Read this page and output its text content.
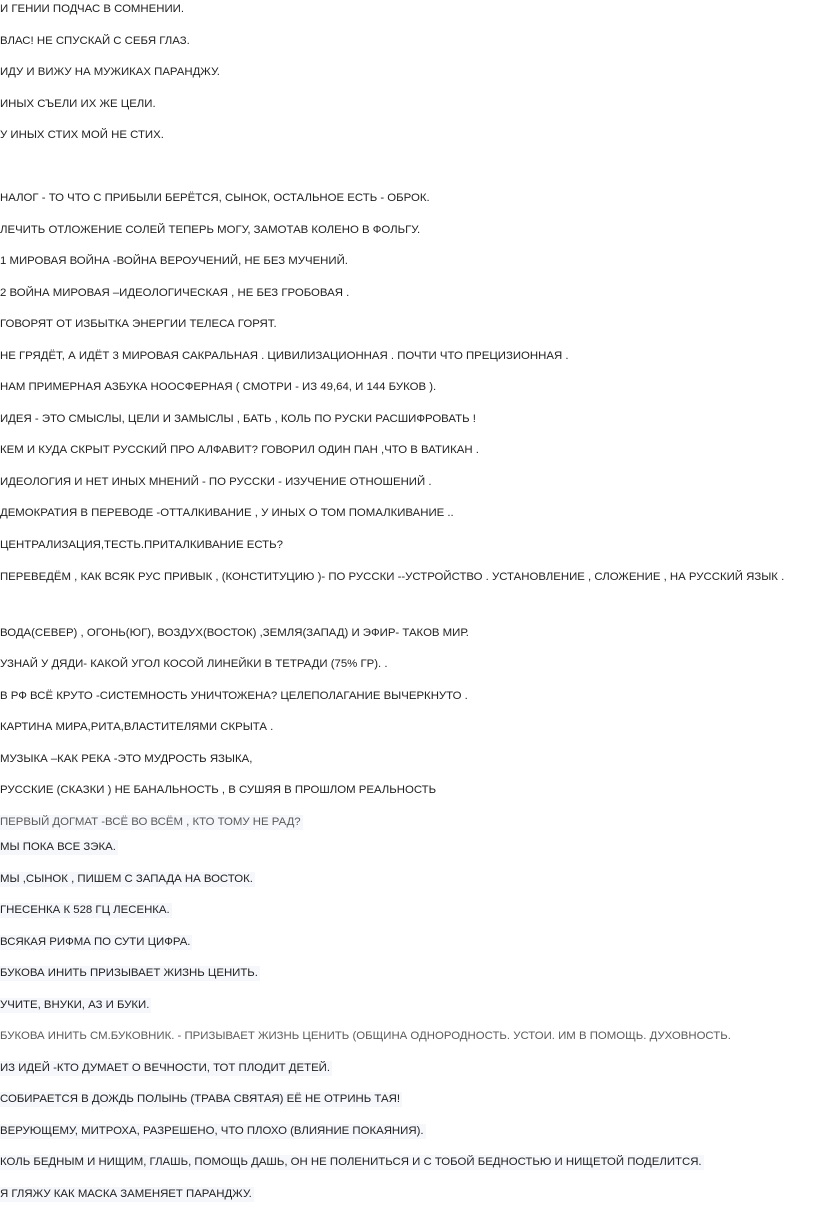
И ГЕНИИ ПОДЧАС В СОМНЕНИИ.
ВЛАС! НЕ СПУСКАЙ С СЕБЯ ГЛАЗ.
ИДУ И ВИЖУ НА МУЖИКАХ ПАРАНДЖУ.
ИНЫХ СЪЕЛИ ИХ ЖЕ ЦЕЛИ.
У ИНЫХ СТИХ МОЙ НЕ СТИХ.
НАЛОГ - ТО ЧТО С ПРИБЫЛИ БЕРЁТСЯ, СЫНОК, ОСТАЛЬНОЕ ЕСТЬ - ОБРОК.
ЛЕЧИТЬ ОТЛОЖЕНИЕ СОЛЕЙ ТЕПЕРЬ МОГУ, ЗАМОТАВ КОЛЕНО В ФОЛЬГУ.
1 МИРОВАЯ ВОЙНА -ВОЙНА ВЕРОУЧЕНИЙ, НЕ БЕЗ МУЧЕНИЙ.
2 ВОЙНА МИРОВАЯ –ИДЕОЛОГИЧЕСКАЯ , НЕ БЕЗ ГРОБОВАЯ .
ГОВОРЯТ ОТ ИЗБЫТКА ЭНЕРГИИ ТЕЛЕСА ГОРЯТ.
НЕ ГРЯДЁТ, А ИДЁТ 3 МИРОВАЯ САКРАЛЬНАЯ . ЦИВИЛИЗАЦИОННАЯ . ПОЧТИ ЧТО ПРЕЦИЗИОННАЯ .
НАМ ПРИМЕРНАЯ АЗБУКА НООСФЕРНАЯ ( СМОТРИ - ИЗ 49,64, И 144 БУКОВ ).
ИДЕЯ - ЭТО СМЫСЛЫ, ЦЕЛИ И ЗАМЫСЛЫ , БАТЬ , КОЛЬ ПО РУСКИ РАСШИФРОВАТЬ !
КЕМ И КУДА СКРЫТ РУССКИЙ ПРО АЛФАВИТ? ГОВОРИЛ ОДИН ПАН ,ЧТО В ВАТИКАН .
ИДЕОЛОГИЯ И НЕТ ИНЫХ МНЕНИЙ - ПО РУССКИ - ИЗУЧЕНИЕ ОТНОШЕНИЙ .
ДЕМОКРАТИЯ В ПЕРЕВОДЕ -ОТТАЛКИВАНИЕ , У ИНЫХ О ТОМ ПОМАЛКИВАНИЕ ..
ЦЕНТРАЛИЗАЦИЯ,ТЕСТЬ.ПРИТАЛКИВАНИЕ ЕСТЬ?
ПЕРЕВЕДЁМ , КАК ВСЯК РУС ПРИВЫК , (КОНСТИТУЦИЮ )- ПО РУССКИ --УСТРОЙСТВО . УСТАНОВЛЕНИЕ , СЛОЖЕНИЕ , НА РУССКИЙ ЯЗЫК .
ВОДА(СЕВЕР) , ОГОНЬ(ЮГ), ВОЗДУХ(ВОСТОК) ,ЗЕМЛЯ(ЗАПАД) И ЭФИР- ТАКОВ МИР.
УЗНАЙ У ДЯДИ- КАКОЙ УГОЛ КОСОЙ ЛИНЕЙКИ В ТЕТРАДИ (75% ГР). .
В РФ ВСЁ КРУТО -СИСТЕМНОСТЬ УНИЧТОЖЕНА? ЦЕЛЕПОЛАГАНИЕ ВЫЧЕРКНУТО .
КАРТИНА МИРА,РИТА,ВЛАСТИТЕЛЯМИ СКРЫТА .
МУЗЫКА –КАК РЕКА -ЭТО МУДРОСТЬ ЯЗЫКА,
РУССКИЕ (СКАЗКИ ) НЕ БАНАЛЬНОСТЬ , В СУШЯЯ В ПРОШЛОМ РЕАЛЬНОСТЬ
ПЕРВЫЙ ДОГМАТ -ВСЁ ВО ВСЁМ , КТО ТОМУ НЕ РАД?
МЫ ПОКА ВСЕ ЗЭКА.
МЫ ,СЫНОК , ПИШЕМ С ЗАПАДА НА ВОСТОК.
ГНЕСЕНКА К 528 ГЦ ЛЕСЕНКА.
ВСЯКАЯ РИФМА ПО СУТИ ЦИФРА.
БУКОВА ИНИТЬ ПРИЗЫВАЕТ ЖИЗНЬ ЦЕНИТЬ.
УЧИТЕ, ВНУКИ, АЗ И БУКИ.
БУКОВА ИНИТЬ СМ.БУКОВНИК. - ПРИЗЫВАЕТ ЖИЗНЬ ЦЕНИТЬ (ОБЩИНА ОДНОРОДНОСТЬ. УСТОИ. ИМ В ПОМОЩЬ. ДУХОВНОСТЬ.
ИЗ ИДЕЙ -КТО ДУМАЕТ О ВЕЧНОСТИ, ТОТ ПЛОДИТ ДЕТЕЙ.
СОБИРАЕТСЯ В ДОЖДЬ ПОЛЫНЬ (ТРАВА СВЯТАЯ) ЕЁ НЕ ОТРИНЬ ТАЯ!
ВЕРУЮЩЕМУ, МИТРОХА, РАЗРЕШЕНО, ЧТО ПЛОХО (ВЛИЯНИЕ ПОКАЯНИЯ).
КОЛЬ БЕДНЫМ И НИЩИМ, ГЛАШЬ, ПОМОЩЬ ДАШЬ, ОН НЕ ПОЛЕНИТЬСЯ И С ТОБОЙ БЕДНОСТЬЮ И НИЩЕТОЙ ПОДЕЛИТСЯ.
Я ГЛЯЖУ КАК МАСКА ЗАМЕНЯЕТ ПАРАНДЖУ.
